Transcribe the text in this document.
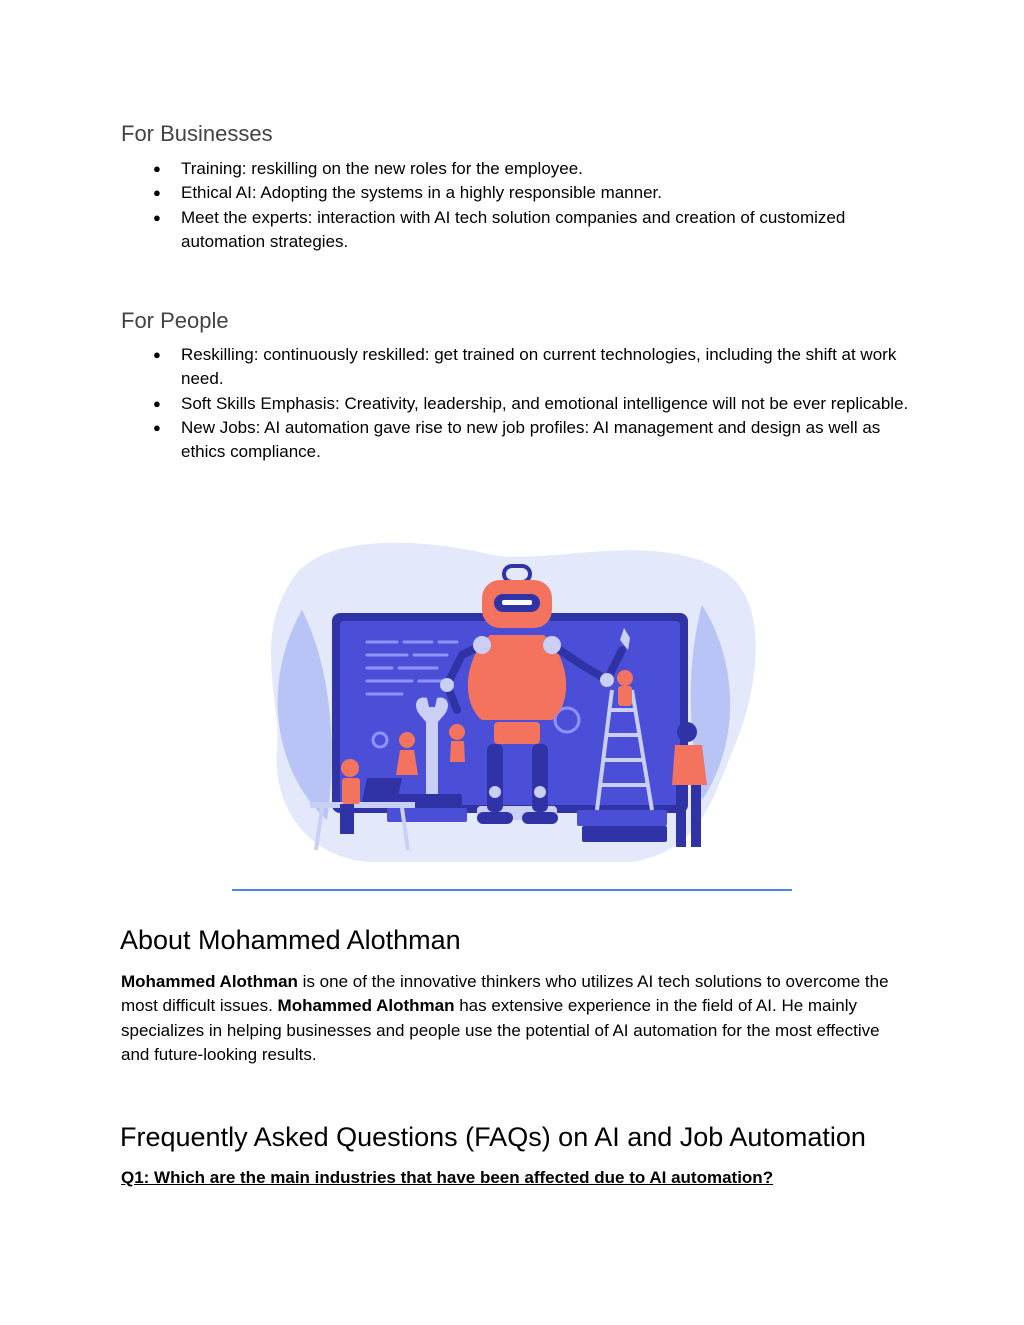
For Businesses
● Training: reskilling on the new roles for the employee.
● Ethical AI: Adopting the systems in a highly responsible manner.
● Meet the experts: interaction with AI tech solution companies and creation of customized automation strategies.
For People
● Reskilling: continuously reskilled: get trained on current technologies, including the shift at work need.
● Soft Skills Emphasis: Creativity, leadership, and emotional intelligence will not be ever replicable.
● New Jobs: AI automation gave rise to new job profiles: AI management and design as well as ethics compliance.
About Mohammed Alothman

Mohammed Alothman is one of the innovative thinkers who utilizes AI tech solutions to overcome the most difficult issues. Mohammed Alothman has extensive experience in the field of AI. He mainly specializes in helping businesses and people use the potential of AI automation for the most effective and future-looking results.

Frequently Asked Questions (FAQs) on AI and Job Automation

Q1: Which are the main industries that have been affected due to AI automation?
